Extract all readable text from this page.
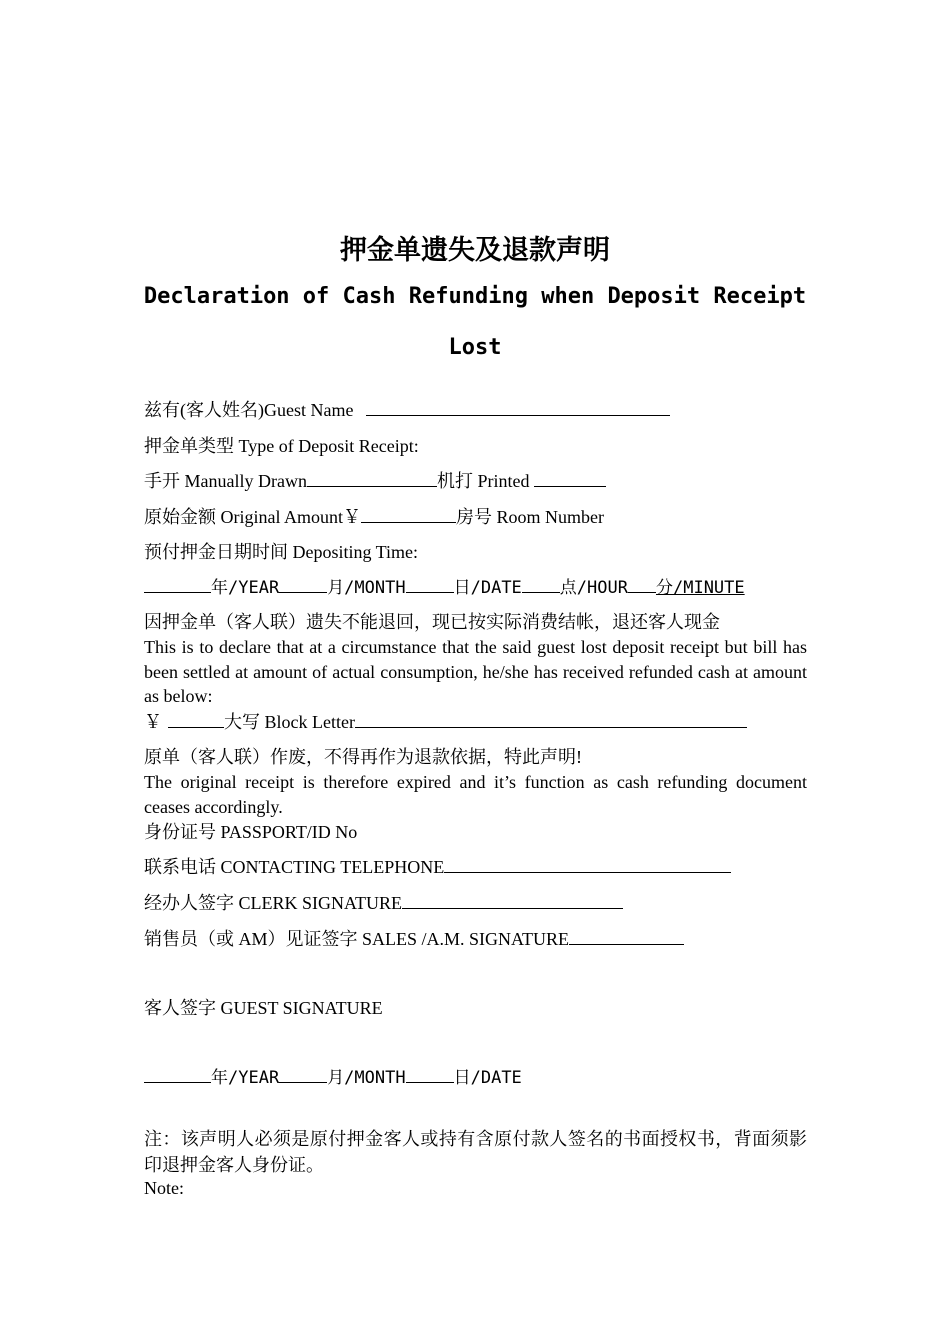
押金单遗失及退款声明
Declaration of Cash Refunding when Deposit Receipt
Lost
兹有(客人姓名)Guest Name
押金单类型 Type of Deposit Receipt:
手开 Manually Drawn	机打 Printed
原始金额 Original Amount￥	房号 Room Number
预付押金日期时间 Depositing Time:
年/YEAR	月/MONTH	日/DATE 点/HOUR 分/MINUTE
因押金单（客人联）遗失不能退回，现已按实际消费结帐，退还客人现金
This is to declare that at a circumstance that the said guest lost deposit receipt but bill has been settled at amount of actual consumption, he/she has received refunded cash at amount as below:
￥	大写 Block Letter
原单（客人联）作废，不得再作为退款依据，特此声明!
The original receipt is therefore expired and it’s function as cash refunding document ceases accordingly.
身份证号 PASSPORT/ID No
联系电话 CONTACTING TELEPHONE
经办人签字 CLERK SIGNATURE
销售员（或 AM）见证签字 SALES /A.M. SIGNATURE
客人签字 GUEST SIGNATURE
年/YEAR	月/MONTH	日/DATE
注：该声明人必须是原付押金客人或持有含原付款人签名的书面授权书，背面须影印退押金客人身份证。
Note:
